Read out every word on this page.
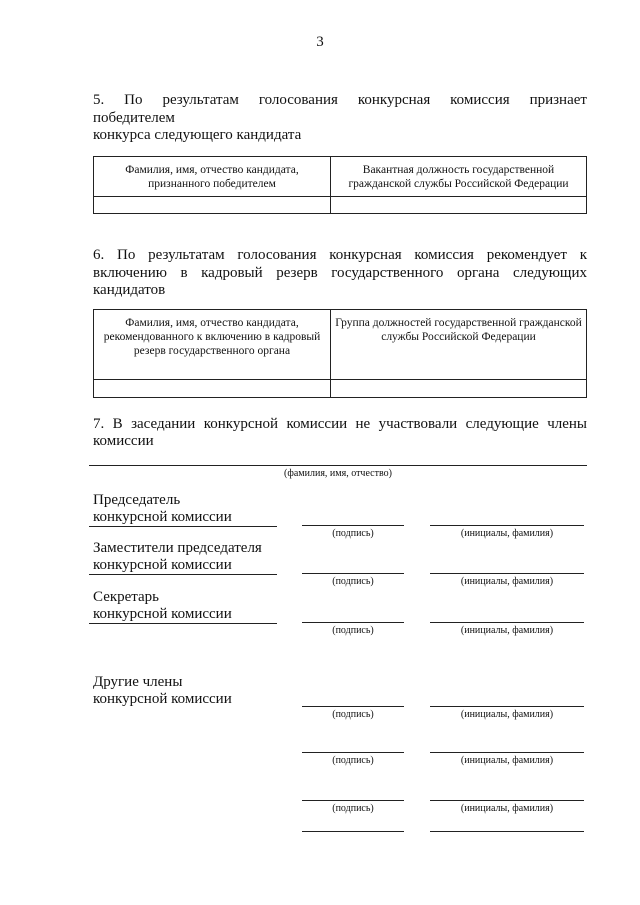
3
5. По результатам голосования конкурсная комиссия признает
победителем
конкурса следующего кандидата
Фамилия, имя, отчество кандидата, признанного победителем	Вакантная должность государственной гражданской службы Российской Федерации

6. По результатам голосования конкурсная комиссия рекомендует к
включению в кадровый резерв государственного органа следующих
кандидатов
Фамилия, имя, отчество кандидата, рекомендованного к включению в кадровый резерв государственного органа	Группа должностей государственной гражданской службы Российской Федерации

7. В заседании конкурсной комиссии не участвовали следующие члены
комиссии
(фамилия, имя, отчество)
Председатель
конкурсной комиссии
(подпись)	(инициалы, фамилия)
Заместители председателя
конкурсной комиссии
(подпись)	(инициалы, фамилия)
Секретарь
конкурсной комиссии
(подпись)	(инициалы, фамилия)
Другие члены
конкурсной комиссии
(подпись)	(инициалы, фамилия)
(подпись)	(инициалы, фамилия)
(подпись)	(инициалы, фамилия)
